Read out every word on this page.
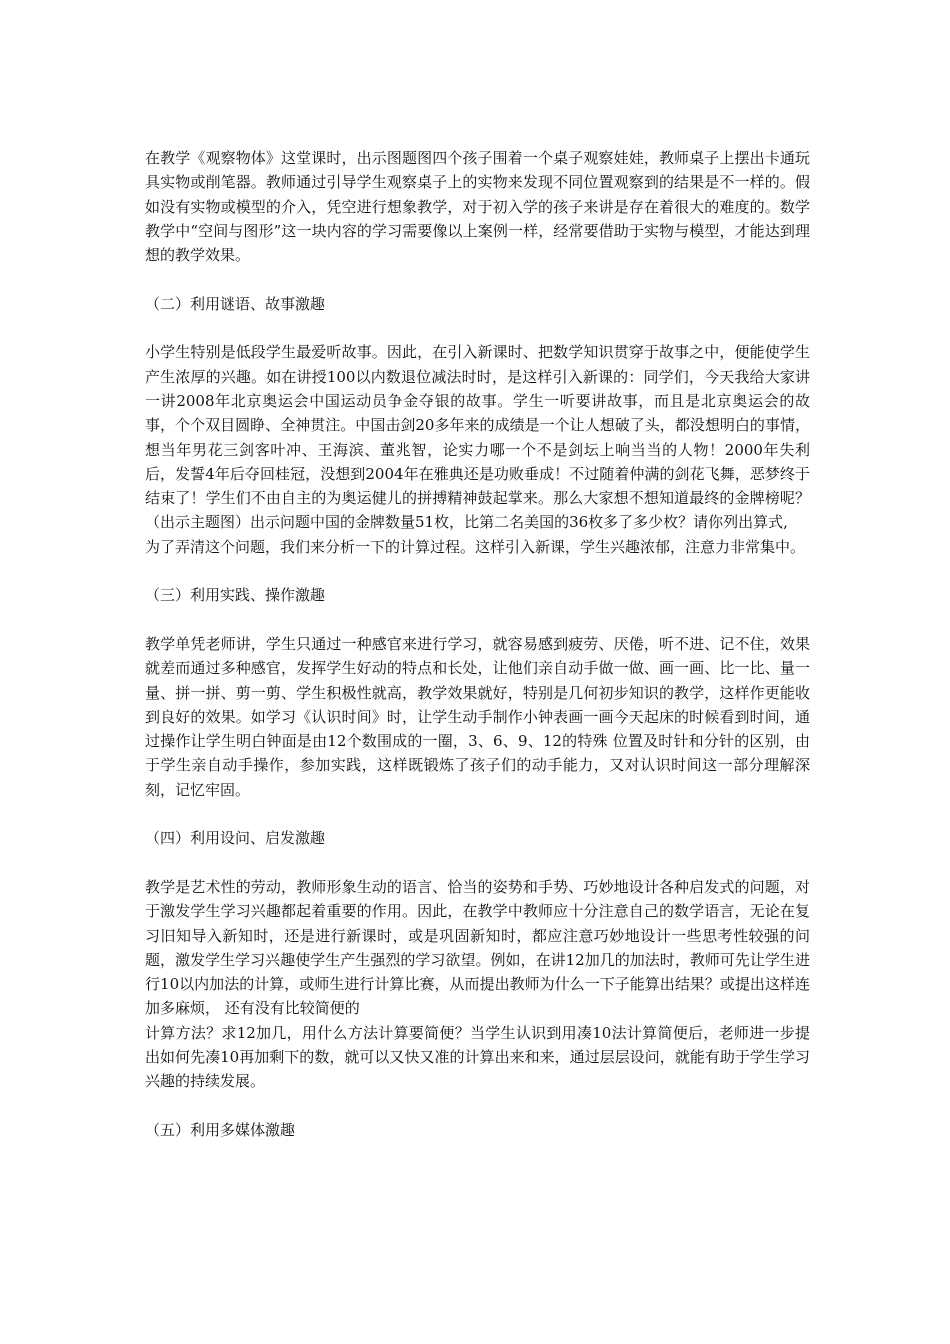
在教学《观察物体》这堂课时，出示图题图四个孩子围着一个桌子观察娃娃，教师桌子上摆出卡通玩具实物或削笔器。教师通过引导学生观察桌子上的实物来发现不同位置观察到的结果是不一样的。假如没有实物或模型的介入，凭空进行想象教学，对于初入学的孩子来讲是存在着很大的难度的。数学教学中“空间与图形”这一块内容的学习需要像以上案例一样，经常要借助于实物与模型，才能达到理想的教学效果。

（二）利用谜语、故事激趣

小学生特别是低段学生最爱听故事。因此，在引入新课时、把数学知识贯穿于故事之中，便能使学生产生浓厚的兴趣。如在讲授100以内数退位减法时时，是这样引入新课的：同学们，今天我给大家讲一讲2008年北京奥运会中国运动员争金夺银的故事。学生一听要讲故事，而且是北京奥运会的故事，个个双目圆睁、全神贯注。中国击剑20多年来的成绩是一个让人想破了头，都没想明白的事情，想当年男花三剑客叶冲、王海滨、董兆智，论实力哪一个不是剑坛上响当当的人物！2000年失利后，发誓4年后夺回桂冠，没想到2004年在雅典还是功败垂成！不过随着仲满的剑花飞舞，恶梦终于结束了！学生们不由自主的为奥运健儿的拼搏精神鼓起掌来。那么大家想不想知道最终的金牌榜呢？（出示主题图）出示问题中国的金牌数量51枚，比第二名美国的36枚多了多少枚？请你列出算式,

为了弄清这个问题，我们来分析一下的计算过程。这样引入新课，学生兴趣浓郁，注意力非常集中。

（三）利用实践、操作激趣

教学单凭老师讲，学生只通过一种感官来进行学习，就容易感到疲劳、厌倦，听不进、记不住，效果就差而通过多种感官，发挥学生好动的特点和长处，让他们亲自动手做一做、画一画、比一比、量一量、拼一拼、剪一剪、学生积极性就高，教学效果就好，特别是几何初步知识的教学，这样作更能收到良好的效果。如学习《认识时间》时，让学生动手制作小钟表画一画今天起床的时候看到时间，通过操作让学生明白钟面是由12个数围成的一圈，3、6、9、12的特殊 位置及时针和分针的区别，由于学生亲自动手操作，参加实践，这样既锻炼了孩子们的动手能力，又对认识时间这一部分理解深刻，记忆牢固。

（四）利用设问、启发激趣

教学是艺术性的劳动，教师形象生动的语言、恰当的姿势和手势、巧妙地设计各种启发式的问题，对于激发学生学习兴趣都起着重要的作用。因此，在教学中教师应十分注意自己的数学语言，无论在复习旧知导入新知时，还是进行新课时，或是巩固新知时，都应注意巧妙地设计一些思考性较强的问题，激发学生学习兴趣使学生产生强烈的学习欲望。例如，在讲12加几的加法时，教师可先让学生进行10以内加法的计算，或师生进行计算比赛，从而提出教师为什么一下子能算出结果？或提出这样连加多麻烦， 还有没有比较简便的

计算方法？求12加几，用什么方法计算要简便？当学生认识到用凑10法计算简便后，老师进一步提出如何先凑10再加剩下的数，就可以又快又准的计算出来和来，通过层层设问，就能有助于学生学习兴趣的持续发展。

（五）利用多媒体激趣
